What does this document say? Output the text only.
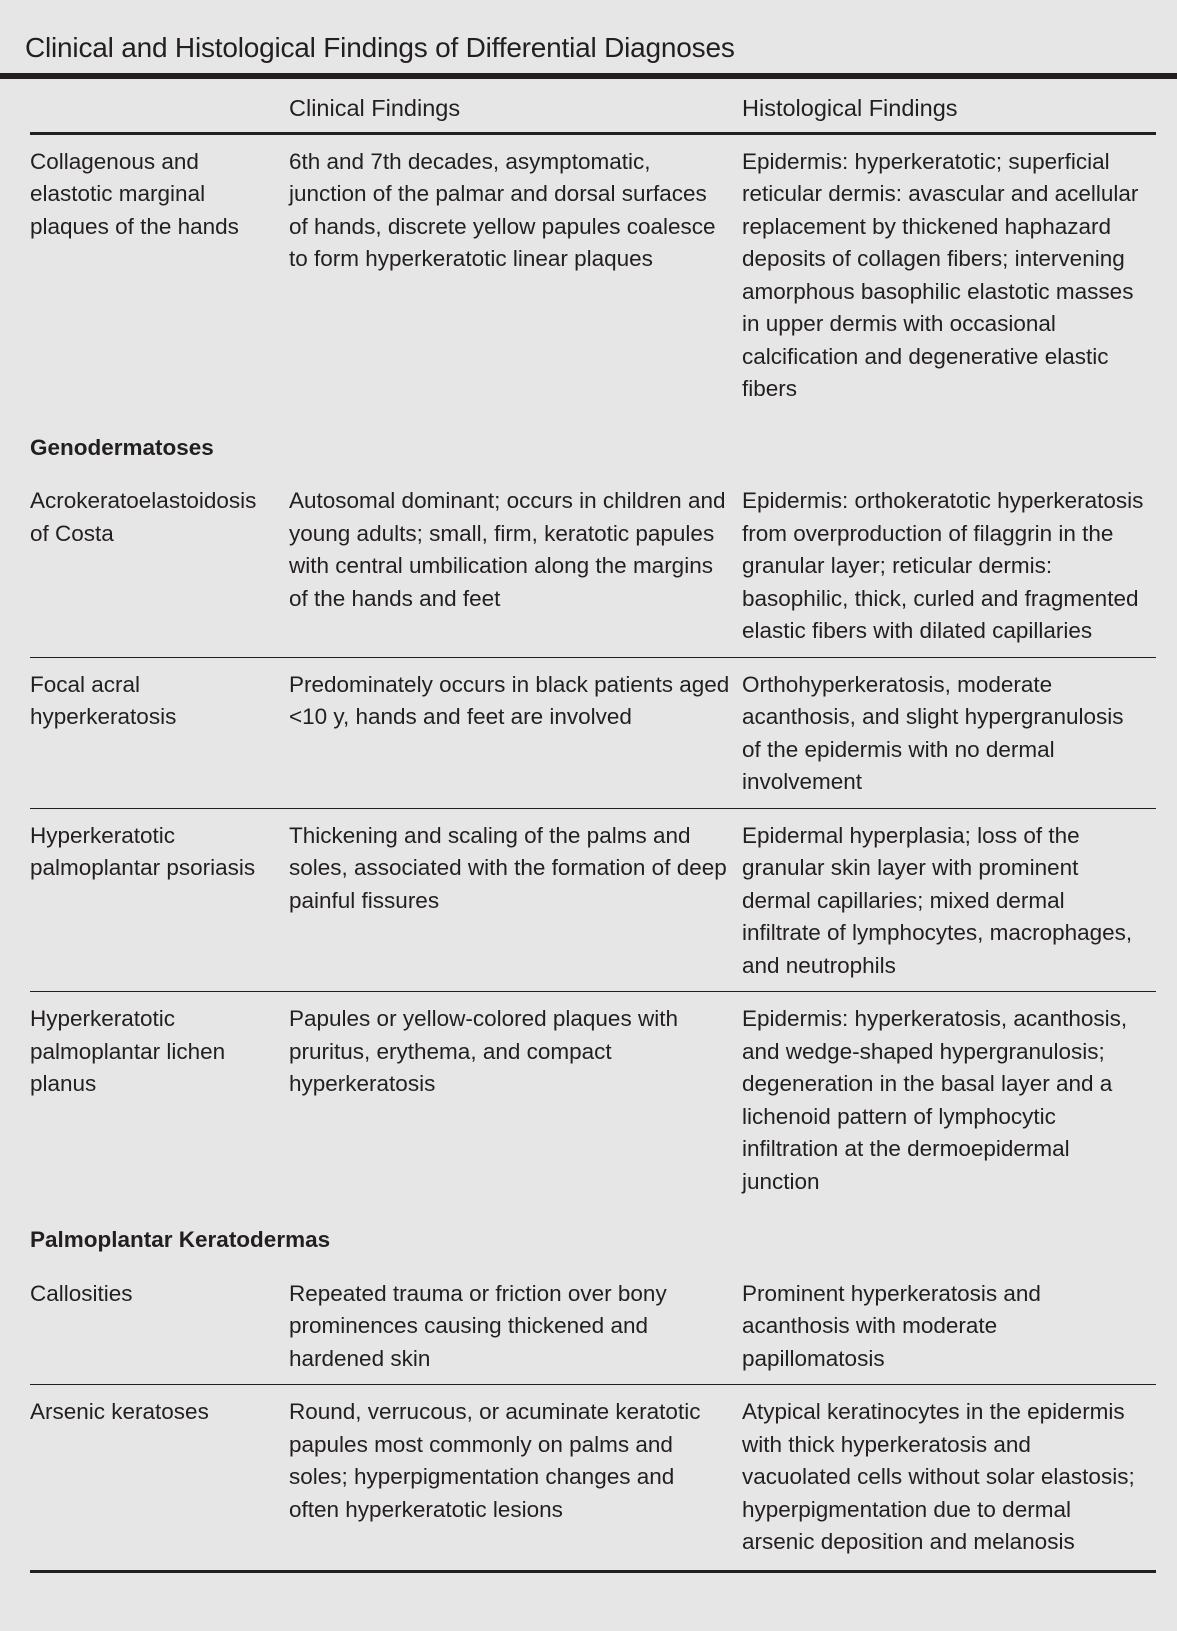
Clinical and Histological Findings of Differential Diagnoses
	Clinical Findings	Histological Findings
Collagenous and elastotic marginal plaques of the hands	6th and 7th decades, asymptomatic, junction of the palmar and dorsal surfaces of hands, discrete yellow papules coalesce to form hyperkeratotic linear plaques	Epidermis: hyperkeratotic; superficial reticular dermis: avascular and acellular replacement by thickened haphazard deposits of collagen fibers; intervening amorphous basophilic elastotic masses in upper dermis with occasional calcification and degenerative elastic fibers
Genodermatoses		
Acrokeratoelastoidosis of Costa	Autosomal dominant; occurs in children and young adults; small, firm, keratotic papules with central umbilication along the margins of the hands and feet	Epidermis: orthokeratotic hyperkeratosis from overproduction of filaggrin in the granular layer; reticular dermis: basophilic, thick, curled and fragmented elastic fibers with dilated capillaries
Focal acral hyperkeratosis	Predominately occurs in black patients aged <10 y, hands and feet are involved	Orthohyperkeratosis, moderate acanthosis, and slight hypergranulosis of the epidermis with no dermal involvement
Hyperkeratotic palmoplantar psoriasis	Thickening and scaling of the palms and soles, associated with the formation of deep painful fissures	Epidermal hyperplasia; loss of the granular skin layer with prominent dermal capillaries; mixed dermal infiltrate of lymphocytes, macrophages, and neutrophils
Hyperkeratotic palmoplantar lichen planus	Papules or yellow-colored plaques with pruritus, erythema, and compact hyperkeratosis	Epidermis: hyperkeratosis, acanthosis, and wedge-shaped hypergranulosis; degeneration in the basal layer and a lichenoid pattern of lymphocytic infiltration at the dermoepidermal junction
Palmoplantar Keratodermas		
Callosities	Repeated trauma or friction over bony prominences causing thickened and hardened skin	Prominent hyperkeratosis and acanthosis with moderate papillomatosis
Arsenic keratoses	Round, verrucous, or acuminate keratotic papules most commonly on palms and soles; hyperpigmentation changes and often hyperkeratotic lesions	Atypical keratinocytes in the epidermis with thick hyperkeratosis and vacuolated cells without solar elastosis; hyperpigmentation due to dermal arsenic deposition and melanosis
